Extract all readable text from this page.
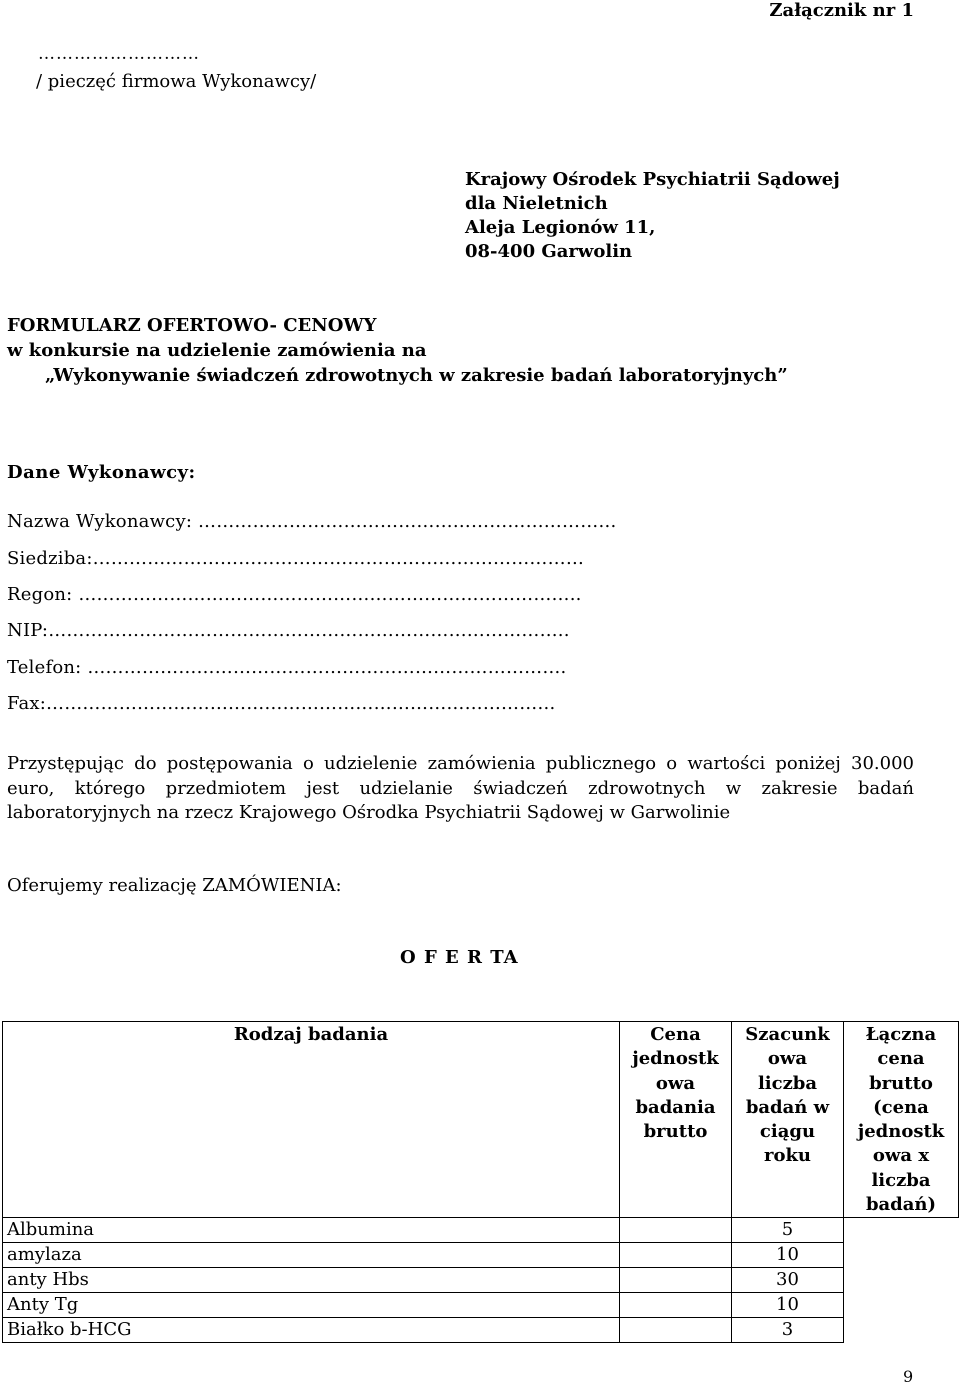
Załącznik nr 1
………………………
/ pieczęć firmowa Wykonawcy/
Krajowy Ośrodek Psychiatrii Sądowej
dla Nieletnich
Aleja Legionów 11,
08-400 Garwolin
FORMULARZ OFERTOWO- CENOWY
w konkursie na udzielenie zamówienia na
„Wykonywanie świadczeń zdrowotnych w zakresie badań laboratoryjnych”
Dane Wykonawcy:
Nazwa Wykonawcy: ……………………………………………………………
Siedziba:………………………………………………………………………
Regon: ………………………………………………………………………..
NIP:…………………………………………………………………………..
Telefon: …………………………………………………………………….
Fax:…………………………………………………………………………
Przystępując do postępowania o udzielenie zamówienia publicznego o wartości poniżej 30.000 euro, którego przedmiotem jest udzielanie świadczeń zdrowotnych w zakresie badań laboratoryjnych na rzecz Krajowego Ośrodka Psychiatrii Sądowej w Garwolinie
Oferujemy realizację ZAMÓWIENIA:
O F E R TA
Rodzaj badania	Cena jednostk owa badania brutto	Szacunk owa liczba badań w ciągu roku	Łączna cena brutto (cena jednostk owa x liczba badań)
Albumina		5	
amylaza		10	
anty Hbs		30	
Anty Tg		10	
Białko b-HCG		3	
9
